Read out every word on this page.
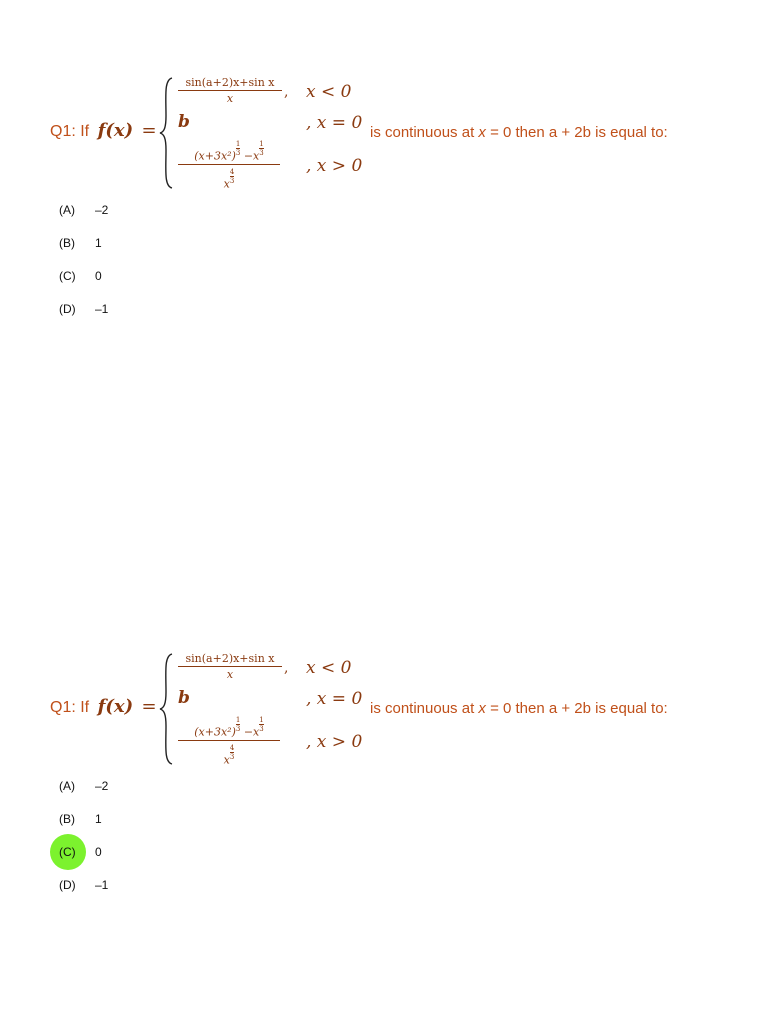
Q1: If f(x) =
sin(a+2)x+sin x
x	, x < 0
b	, x = 0
$(x+3x^2) \frac{1}{3} -x \frac{1}{3}$
x $\frac{4}{3}$
, x > 0
is continuous at x = 0 then a + 2b is equal to:
(A) –2
(B) 1
(C) 0
(D) –1
Q1: If f(x) =
sin(a+2)x+sin x
x	, x < 0
b	, x = 0
$(x+3x^2) \frac{1}{3} -x \frac{1}{3}$
x $\frac{4}{3}$
, x > 0
is continuous at x = 0 then a + 2b is equal to:
(A) –2
(B) 1
(C) 0
(D) –1
